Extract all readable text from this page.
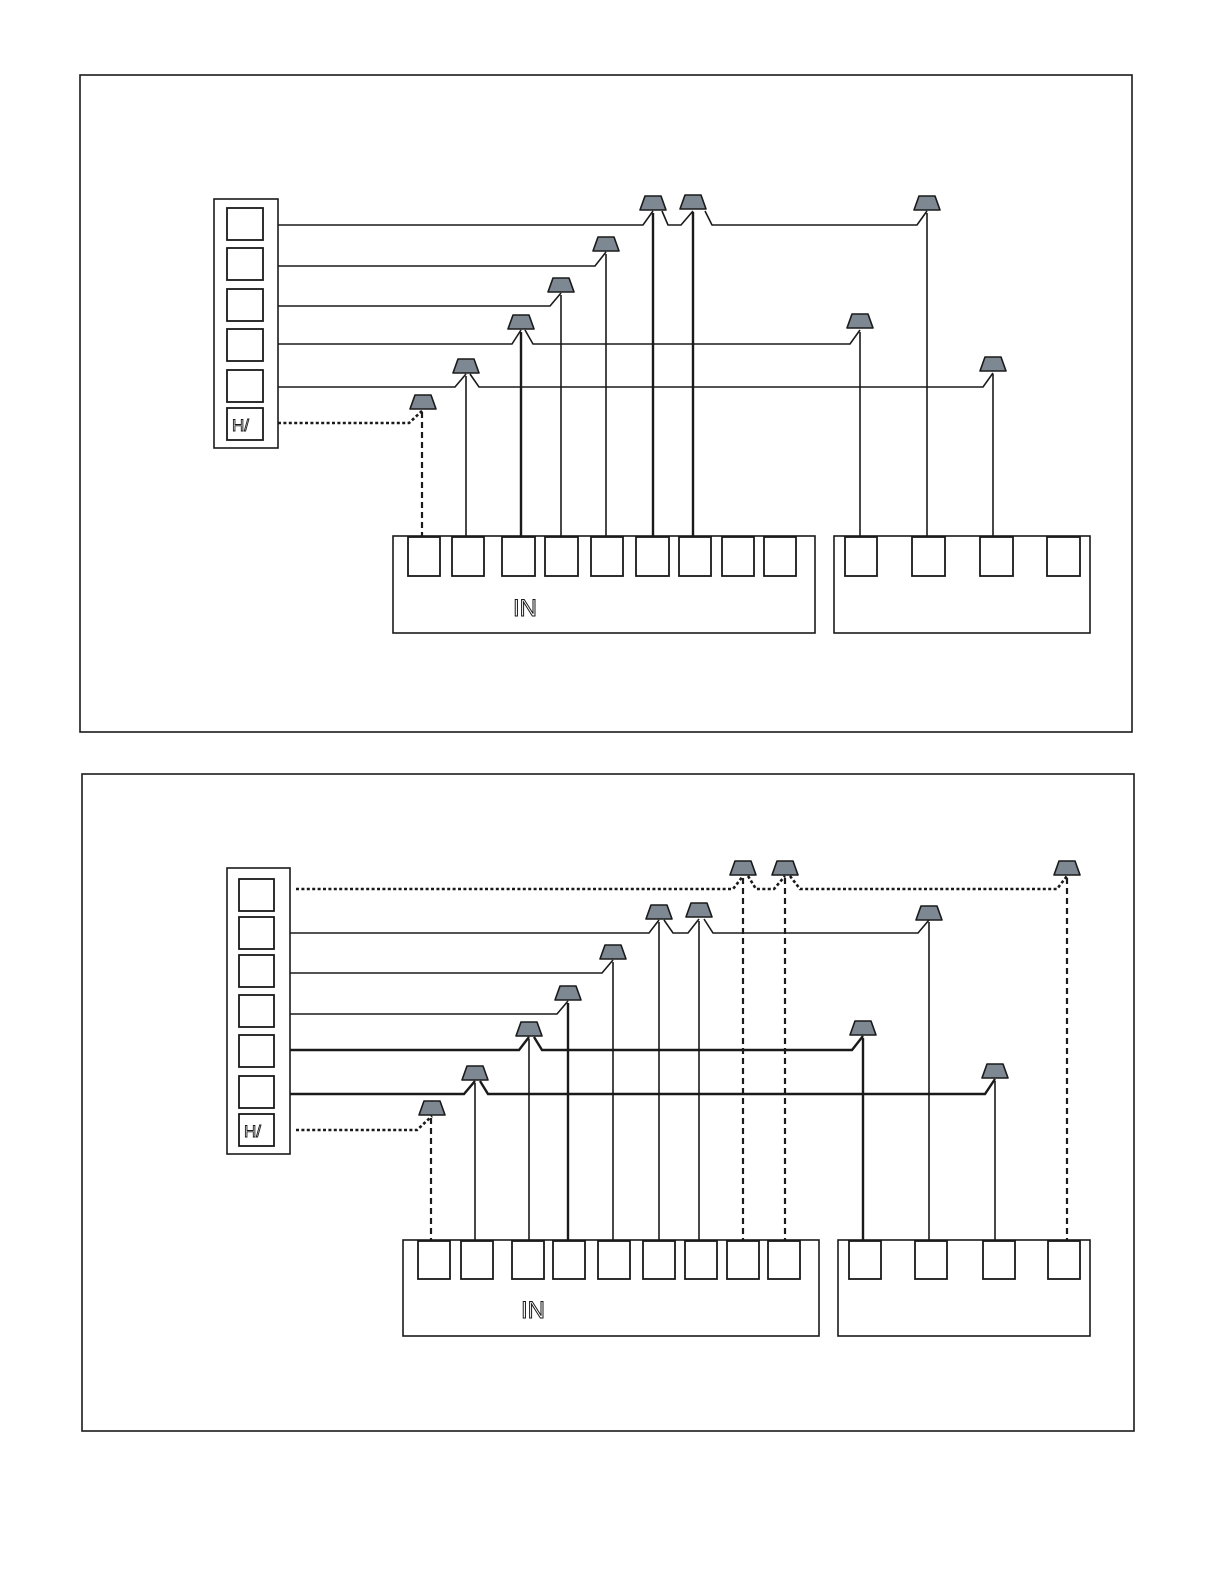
H/
IN
H/
IN
